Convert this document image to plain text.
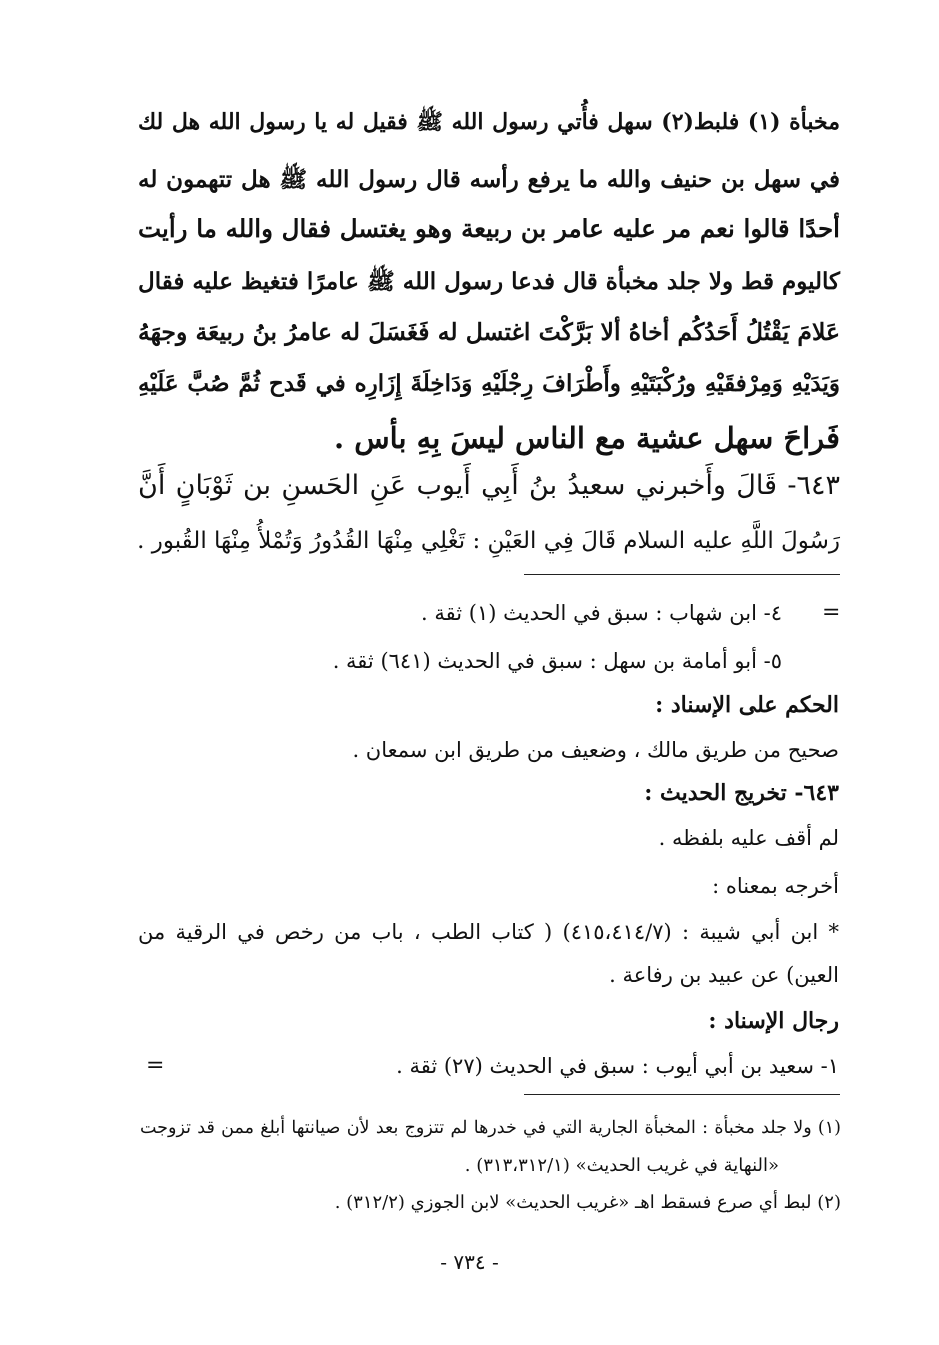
مخبأة (١) فلبط(٢) سهل فأُتي رسول الله ﷺ فقيل له يا رسول الله هل لك
في سهل بن حنيف والله ما يرفع رأسه قال رسول الله ﷺ هل تتهمون له
أحدًا قالوا نعم مر عليه عامر بن ربيعة وهو يغتسل فقال والله ما رأيت
كاليوم قط ولا جلد مخبأة قال فدعا رسول الله ﷺ عامرًا فتغيظ عليه فقال
عَلامَ يَقْتُلُ أَحَدُكُم أخاهُ ألا بَرَّكْتَ اغتسل له فَغَسَلَ له عامرُ بنُ ربيعَة وجهَهُ
وَيَدَيْهِ وَمِرْفقَيْهِ ورُكْبَتَيْهِ وأَطْرَافَ رِجْلَيْهِ وَدَاخِلَةَ إِزَارِه في قَدح ثُمَّ صُبَّ عَلَيْهِ
فَراحَ سهل عشية مع الناس ليسَ بِهِ بأس .
٦٤٣- قَالَ وأَخبرني سعيدُ بنُ أَبِي أَيوب عَنِ الحَسنِ بن ثَوْبَانٍ أَنَّ
رَسُولَ اللَّهِ عليه السلام قَالَ فِي العَيْنِ : تَغْلِي مِنْهَا القُدُورُ وَتُمْلأُ مِنْهَا القُبور .
=
٤- ابن شهاب : سبق في الحديث (١) ثقة .
٥- أبو أمامة بن سهل : سبق في الحديث (٦٤١) ثقة .
الحكم على الإسناد :
صحيح من طريق مالك ، وضعيف من طريق ابن سمعان .
٦٤٣- تخريج الحديث :
لم أقف عليه بلفظه .
أخرجه بمعناه :
* ابن أبي شيبة : (٤١٥،٤١٤/٧) ( كتاب الطب ، باب من رخص في الرقية من
العين) عن عبيد بن رفاعة .
رجال الإسناد :
١- سعيد بن أبي أيوب : سبق في الحديث (٢٧) ثقة .
=
(١) ولا جلد مخبأة : المخبأة الجارية التي في خدرها لم تتزوج بعد لأن صيانتها أبلغ ممن قد تزوجت
«النهاية في غريب الحديث» (٣١٣،٣١٢/١) .
(٢) لبط أي صرع فسقط اهـ «غريب الحديث» لابن الجوزي (٣١٢/٢) .
- ٧٣٤ -
